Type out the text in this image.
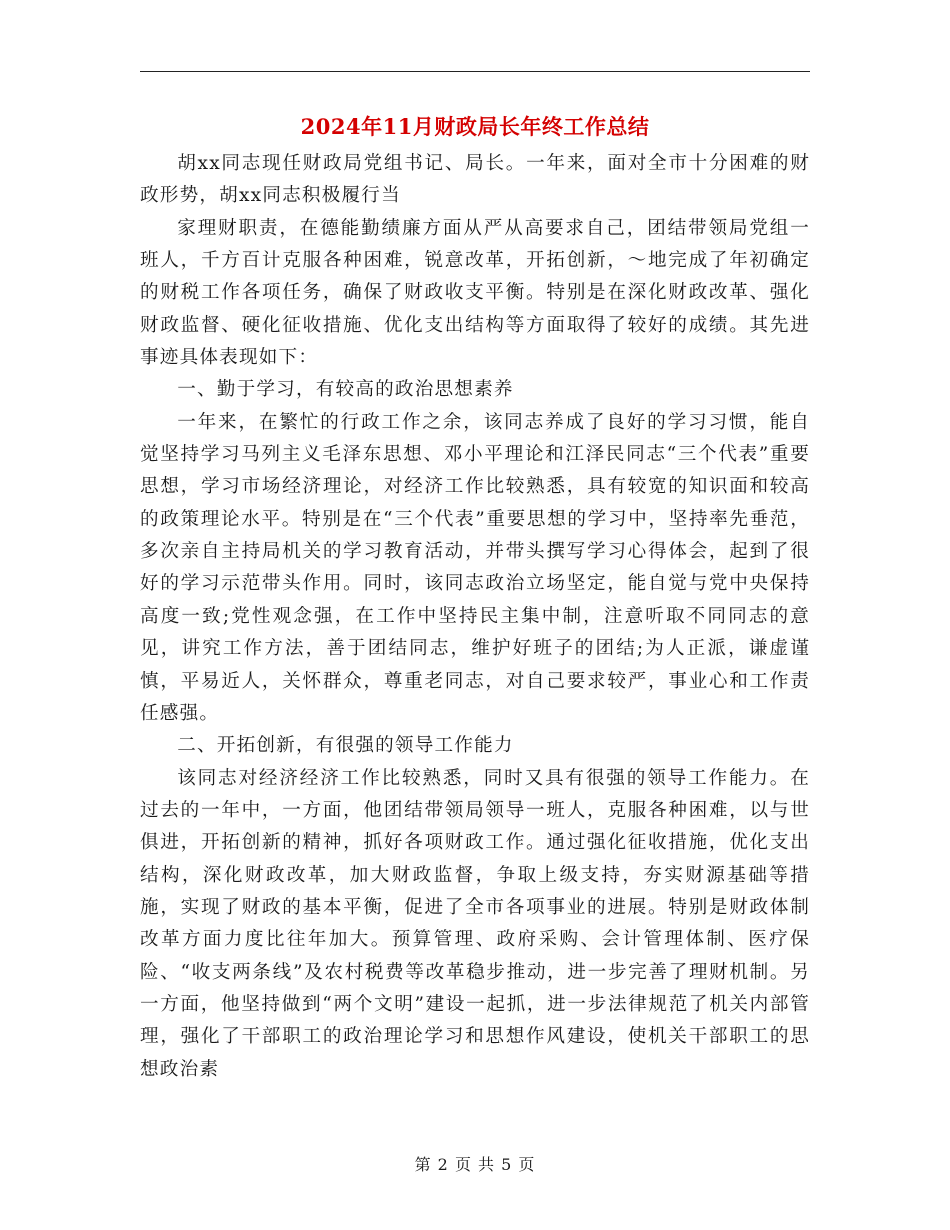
2024年11月财政局长年终工作总结

胡xx同志现任财政局党组书记、局长。一年来，面对全市十分困难的财政形势，胡xx同志积极履行当

家理财职责，在德能勤绩廉方面从严从高要求自己，团结带领局党组一班人，千方百计克服各种困难，锐意改革，开拓创新，～地完成了年初确定的财税工作各项任务，确保了财政收支平衡。特别是在深化财政改革、强化财政监督、硬化征收措施、优化支出结构等方面取得了较好的成绩。其先进事迹具体表现如下：

一、勤于学习，有较高的政治思想素养

一年来，在繁忙的行政工作之余，该同志养成了良好的学习习惯，能自觉坚持学习马列主义毛泽东思想、邓小平理论和江泽民同志“三个代表”重要思想，学习市场经济理论，对经济工作比较熟悉，具有较宽的知识面和较高的政策理论水平。特别是在“三个代表”重要思想的学习中，坚持率先垂范，多次亲自主持局机关的学习教育活动，并带头撰写学习心得体会，起到了很好的学习示范带头作用。同时，该同志政治立场坚定，能自觉与党中央保持高度一致;党性观念强，在工作中坚持民主集中制，注意听取不同同志的意见，讲究工作方法，善于团结同志，维护好班子的团结;为人正派，谦虚谨慎，平易近人，关怀群众，尊重老同志，对自己要求较严，事业心和工作责任感强。

二、开拓创新，有很强的领导工作能力

该同志对经济经济工作比较熟悉，同时又具有很强的领导工作能力。在过去的一年中，一方面，他团结带领局领导一班人，克服各种困难，以与世俱进，开拓创新的精神，抓好各项财政工作。通过强化征收措施，优化支出结构，深化财政改革，加大财政监督，争取上级支持，夯实财源基础等措施，实现了财政的基本平衡，促进了全市各项事业的进展。特别是财政体制改革方面力度比往年加大。预算管理、政府采购、会计管理体制、医疗保险、“收支两条线”及农村税费等改革稳步推动，进一步完善了理财机制。另一方面，他坚持做到“两个文明”建设一起抓，进一步法律规范了机关内部管理，强化了干部职工的政治理论学习和思想作风建设，使机关干部职工的思想政治素

第 2 页 共 5 页
